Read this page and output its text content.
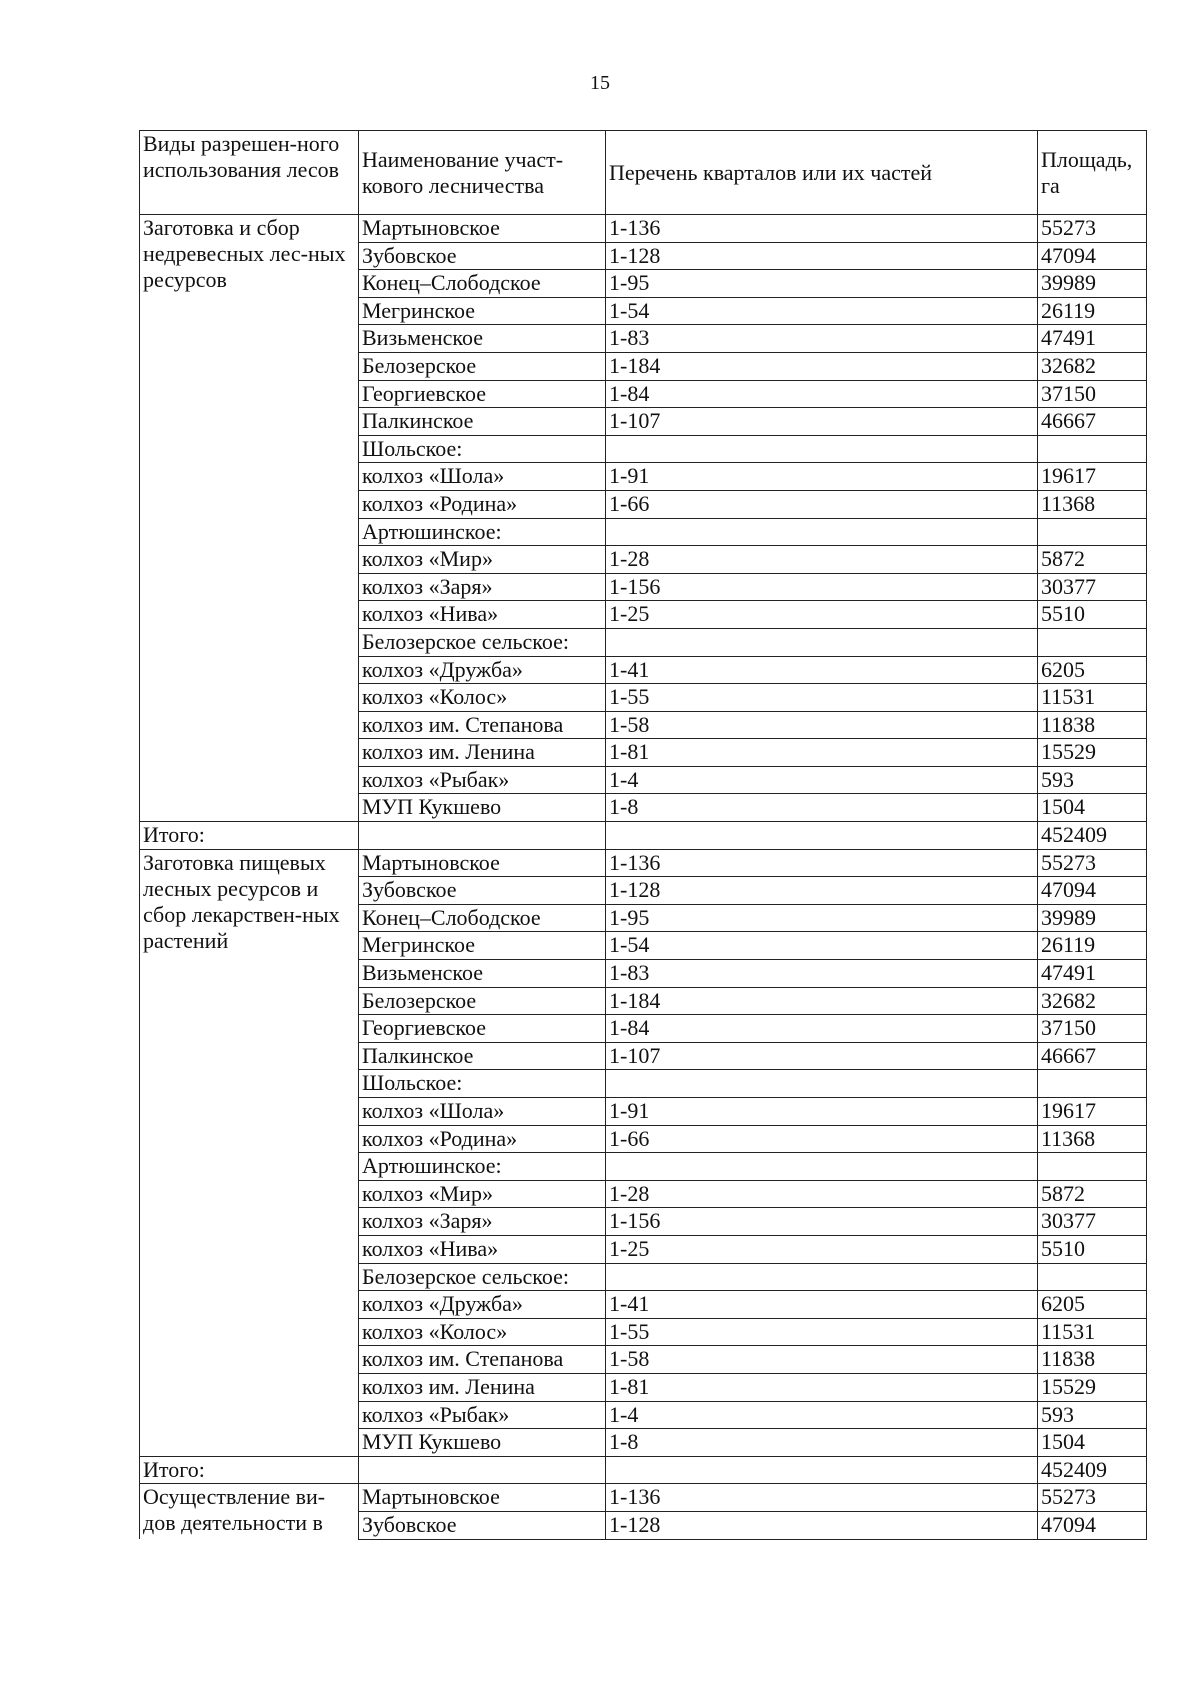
15
Виды разрешен-ного использования лесов	Наименование участ-кового лесничества	Перечень кварталов или их частей	Площадь, га
Заготовка и сбор недревесных лес-ных ресурсов	Мартыновское	1-136	55273
	Зубовское	1-128	47094
	Конец–Слободское	1-95	39989
	Мегринское	1-54	26119
	Визьменское	1-83	47491
	Белозерское	1-184	32682
	Георгиевское	1-84	37150
	Палкинское	1-107	46667
	Шольское:		
	колхоз «Шола»	1-91	19617
	колхоз «Родина»	1-66	11368
	Артюшинское:		
	колхоз «Мир»	1-28	5872
	колхоз «Заря»	1-156	30377
	колхоз «Нива»	1-25	5510
	Белозерское сельское:		
	колхоз «Дружба»	1-41	6205
	колхоз «Колос»	1-55	11531
	колхоз им. Степанова	1-58	11838
	колхоз им. Ленина	1-81	15529
	колхоз «Рыбак»	1-4	593
	МУП Кукшево	1-8	1504
Итого:			452409
Заготовка пищевых лесных ресурсов и сбор лекарствен-ных растений	Мартыновское	1-136	55273
	Зубовское	1-128	47094
	Конец–Слободское	1-95	39989
	Мегринское	1-54	26119
	Визьменское	1-83	47491
	Белозерское	1-184	32682
	Георгиевское	1-84	37150
	Палкинское	1-107	46667
	Шольское:		
	колхоз «Шола»	1-91	19617
	колхоз «Родина»	1-66	11368
	Артюшинское:		
	колхоз «Мир»	1-28	5872
	колхоз «Заря»	1-156	30377
	колхоз «Нива»	1-25	5510
	Белозерское сельское:		
	колхоз «Дружба»	1-41	6205
	колхоз «Колос»	1-55	11531
	колхоз им. Степанова	1-58	11838
	колхоз им. Ленина	1-81	15529
	колхоз «Рыбак»	1-4	593
	МУП Кукшево	1-8	1504
Итого:			452409
Осуществление ви-дов деятельности в	Мартыновское	1-136	55273
	Зубовское	1-128	47094
